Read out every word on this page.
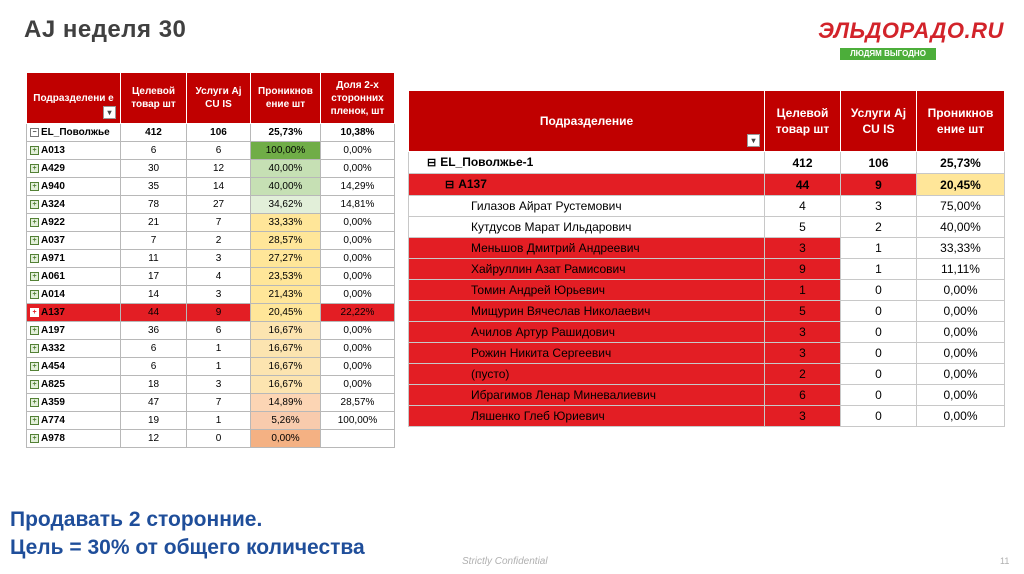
AJ неделя 30	ЭЛЬДОРАДО.RU
ЛЮДЯМ ВЫГОДНО
Подразделени е
▾	Целевой товар шт	Услуги Aj CU IS	Проникнов ение шт	Доля 2-х сторонних пленок, шт
− EL_Поволжье	412	106	25,73%	10,38%
+ A013	6	6	100,00%	0,00%
+ A429	30	12	40,00%	0,00%
+ A940	35	14	40,00%	14,29%
+ A324	78	27	34,62%	14,81%
+ A922	21	7	33,33%	0,00%
+ A037	7	2	28,57%	0,00%
+ A971	11	3	27,27%	0,00%
+ A061	17	4	23,53%	0,00%
+ A014	14	3	21,43%	0,00%
+ A137	44	9	20,45%	22,22%
+ A197	36	6	16,67%	0,00%
+ A332	6	1	16,67%	0,00%
+ A454	6	1	16,67%	0,00%
+ A825	18	3	16,67%	0,00%
+ A359	47	7	14,89%	28,57%
+ A774	19	1	5,26%	100,00%
+ A978	12	0	0,00%	
Подразделение
▾	Целевой товар шт	Услуги Aj CU IS	Проникнов ение шт
⊟ EL_Поволжье-1	412	106	25,73%
⊟ A137	44	9	20,45%
Гилазов Айрат Рустемович	4	3	75,00%
Кутдусов Марат Ильдарович	5	2	40,00%
Меньшов Дмитрий Андреевич	3	1	33,33%
Хайруллин Азат Рамисович	9	1	11,11%
Томин Андрей Юрьевич	1	0	0,00%
Мищурин Вячеслав Николаевич	5	0	0,00%
Ачилов Артур Рашидович	3	0	0,00%
Рожин Никита Сергеевич	3	0	0,00%
(пусто)	2	0	0,00%
Ибрагимов Ленар Миневалиевич	6	0	0,00%
Ляшенко Глеб Юриевич	3	0	0,00%
Продавать 2 сторонние.
Цель = 30% от общего количества
Strictly Confidential	11
